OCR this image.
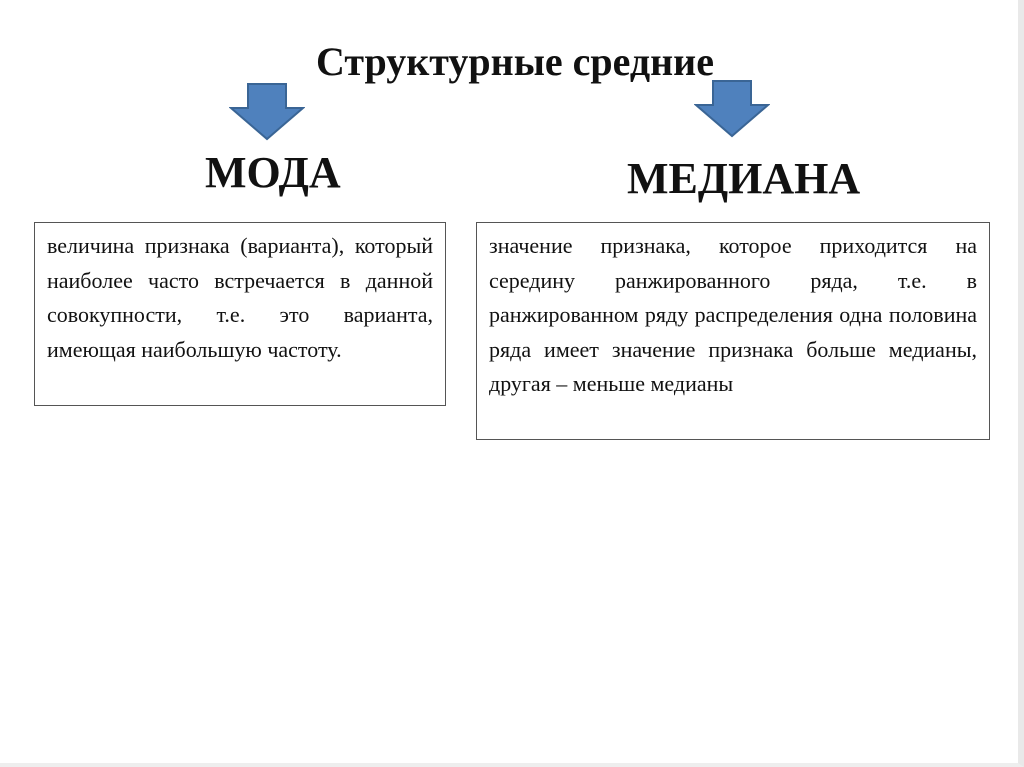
Структурные средние
МОДА	МЕДИАНА
величина признака (варианта), который наиболее часто встречается в данной совокупности, т.е. это варианта, имеющая наибольшую частоту.
значение признака, которое приходится на середину ранжированного ряда, т.е. в ранжированном ряду распределения одна половина ряда имеет значение признака больше медианы, другая – меньше медианы
